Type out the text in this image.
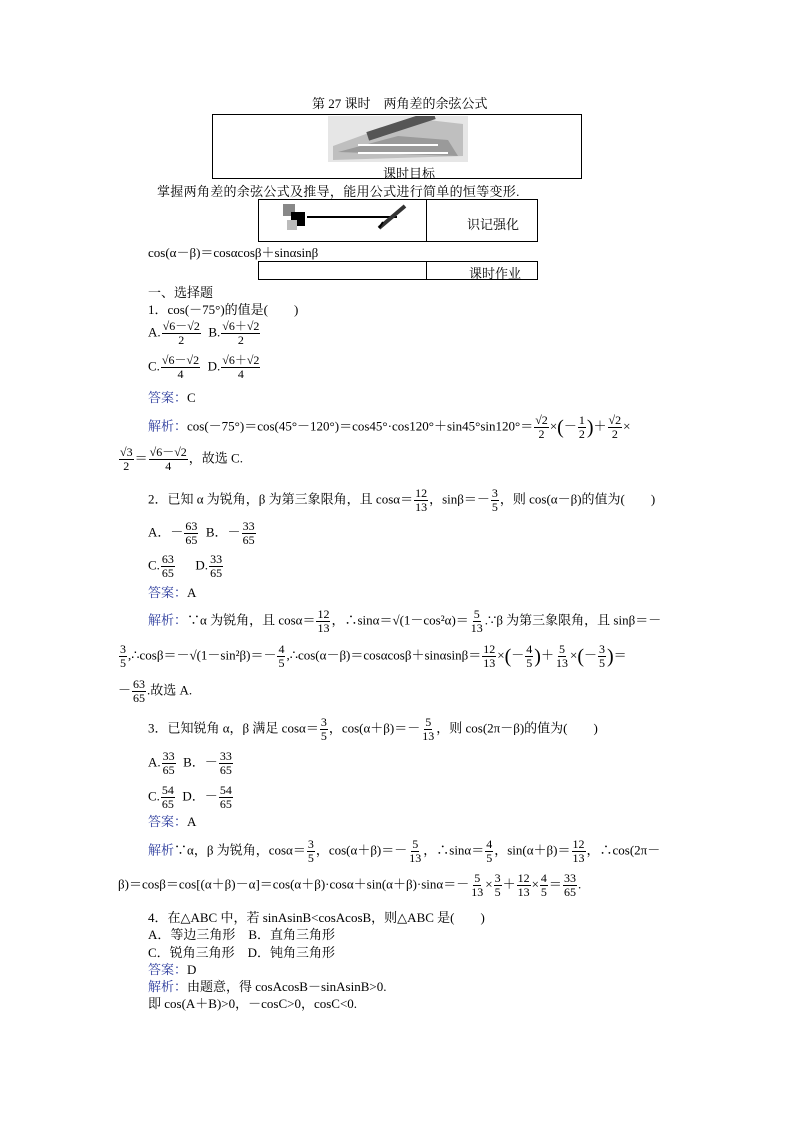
第 27 课时　两角差的余弦公式
课时目标
掌握两角差的余弦公式及推导，能用公式进行简单的恒等变形.
识记强化
cos(α－β)＝cosαcosβ＋sinαsinβ
课时作业
一、选择题
1．cos(－75°)的值是(　　)
A. $\frac{√6-√2}{2} B$. $\frac{√6+√2}{2}$
C. $\frac{√6-√2}{4} D$. $\frac{√6+√2}{4}$
答案：C
解析：$\cos(-75^\circ)=\cos(45^\circ-120^\circ)=\cos 45^\circ\cdot\cos 120^\circ+\sin 45^\circ\sin 120^\circ= \frac{√2}{2}$ ×(－ $\frac{1}{2}$ )＋ $\frac{√2}{2}$ ×
$\frac{√3}{2} = \frac{√6-√2}{4}$ ，故选 C.
2．已知 α 为锐角，β 为第三象限角，且 $\cos\alpha= \frac{12}{13}$ ，$\sin\beta=- \frac{3}{5}$ ，则 cos(α－β)的值为(　　)
A．－ $\frac{63}{65}$ B．－ $\frac{33}{65}$
C. $\frac{63}{65} D$. $\frac{33}{65}$
答案：A
解析：∵α 为锐角，且 $\cos\alpha= \frac{12}{13}$ ，∴sinα＝√(1－cos²α)＝ $\frac{5}{13}$ .∵β 为第三象限角，且 sinβ＝－
$\frac{3}{5}$ ,∴cosβ＝－√(1－sin²β)＝－ $\frac{4}{5}$ ,∴cos(α－β)＝cosαcosβ＋sinαsinβ＝ $\frac{12}{13}$ ×(－ $\frac{4}{5}$ )＋ $\frac{5}{13}$ ×(－ $\frac{3}{5}$ )＝
－ $\frac{63}{65}$ .故选 A.
3．已知锐角 α，β 满足 $\cos\alpha= \frac{3}{5}$ ，$\cos(\alpha+\beta)=- \frac{5}{13}$ ，则 cos(2π－β)的值为(　　)
A. $\frac{33}{65}$ B．－ $\frac{33}{65}$
C. $\frac{54}{65}$ D．－ $\frac{54}{65}$
答案：A
解析∵α，β 为锐角，$\cos\alpha= \frac{3}{5}$ ，$\cos(\alpha+\beta)=- \frac{5}{13}$ ，∴sinα＝ $\frac{4}{5}$ ，$\sin(\alpha+\beta)= \frac{12}{13}$ ，∴cos(2π－
$\beta)=\cos\beta=\cos[(\alpha+\beta)-\alpha]=\cos(\alpha+\beta)\cdot\cos\alpha+\sin(\alpha+\beta)\cdot\sin\alpha=- \frac{5}{13} \times \frac{3}{5} + \frac{12}{13} \times \frac{4}{5} = \frac{33}{65}$ .
4．在△ABC 中，若 sinAsinB<cosAcosB，则△ABC 是(　　)
A．等边三角形　B．直角三角形
C．锐角三角形　D．钝角三角形
答案：D
解析：由题意，得 cosAcosB－sinAsinB>0.
即 cos(A＋B)>0，－cosC>0，cosC<0.
